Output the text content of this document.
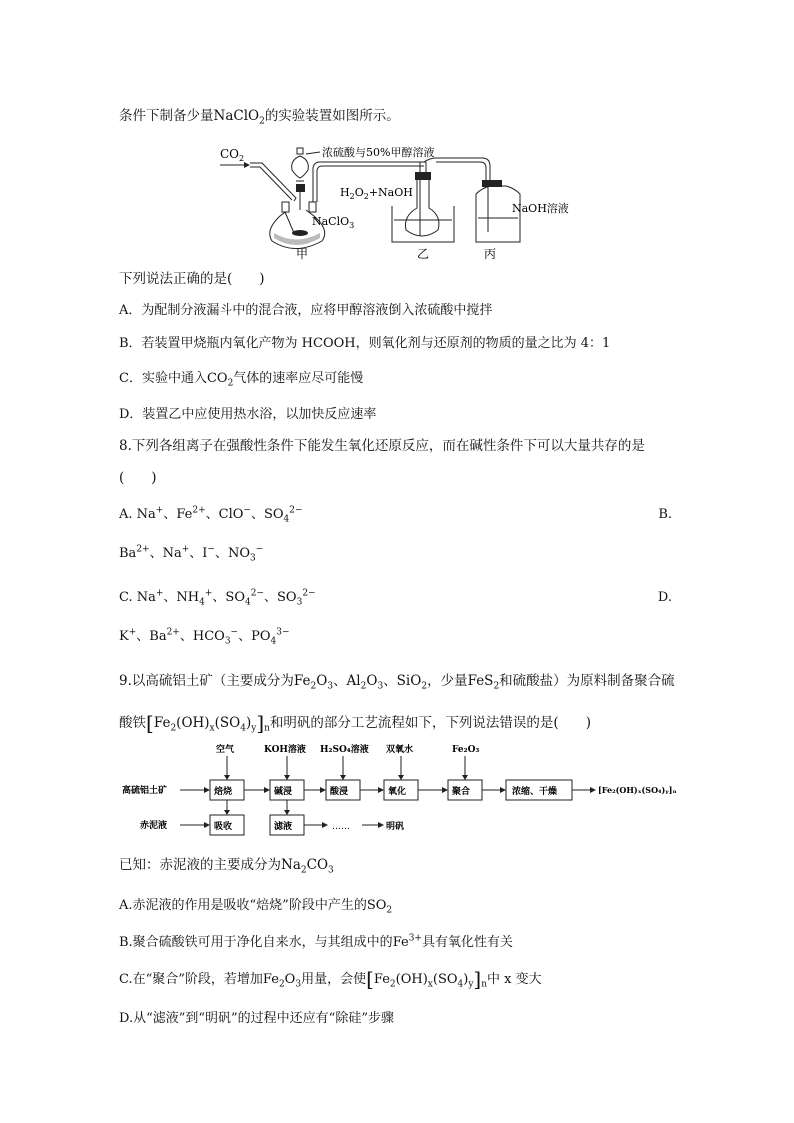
条件下制备少量NaClO$_2$的实验装置如图所示。
$CO_2$	浓硫酸与50%甲醇溶液
NaClO$_3$
$H_2O_2+NaOH$
NaOH溶液
甲	乙	丙
下列说法正确的是(　　)
A．为配制分液漏斗中的混合液，应将甲醇溶液倒入浓硫酸中搅拌
B．若装置甲烧瓶内氧化产物为 HCOOH，则氧化剂与还原剂的物质的量之比为 4：1
C．实验中通入$CO_2$气体的速率应尽可能慢
D．装置乙中应使用热水浴，以加快反应速率
8.下列各组离子在强酸性条件下能发生氧化还原反应，而在碱性条件下可以大量共存的是
(　　)
A. Na+、$Fe^{2+}$、ClO−、$SO_4^{2-}$	B.
$Ba^{2+}$、Na+、I−、$NO_3^-$
C. Na+、$NH_4^+$、$SO_4^{2-}$、$SO_3^{2-}$	D.
K+、$Ba^{2+}$、$HCO_3^-$、$PO_4^{3-}$
9.以高硫铝土矿（主要成分为$Fe_2O_3$、$Al_2O_3$、SiO$_2$，少量FeS$_2$和硫酸盐）为原料制备聚合硫
酸铁$[Fe_2(OH)_x(SO_4)_y]_n$和明矾的部分工艺流程如下，下列说法错误的是(　　)
高硫铝土矿	焙烧
空气
碱浸
KOH溶液
酸浸
H₂SO₄溶液
氧化
双氧水
聚合
Fe₂O₃
浓缩、干燥	[Fe₂(OH)ₓ(SO₄)ᵧ]ₙ
赤泥液	吸收	滤液	……	明矾
已知：赤泥液的主要成分为$Na_2CO_3$
A.赤泥液的作用是吸收“焙烧”阶段中产生的$SO_2$
B.聚合硫酸铁可用于净化自来水，与其组成中的$Fe^{3+}$具有氧化性有关
C.在“聚合”阶段，若增加$Fe_2O_3$用量，会使$[Fe_2(OH)_x(SO_4)_y]_n$中 x 变大
D.从“滤液”到“明矾”的过程中还应有“除硅”步骤
